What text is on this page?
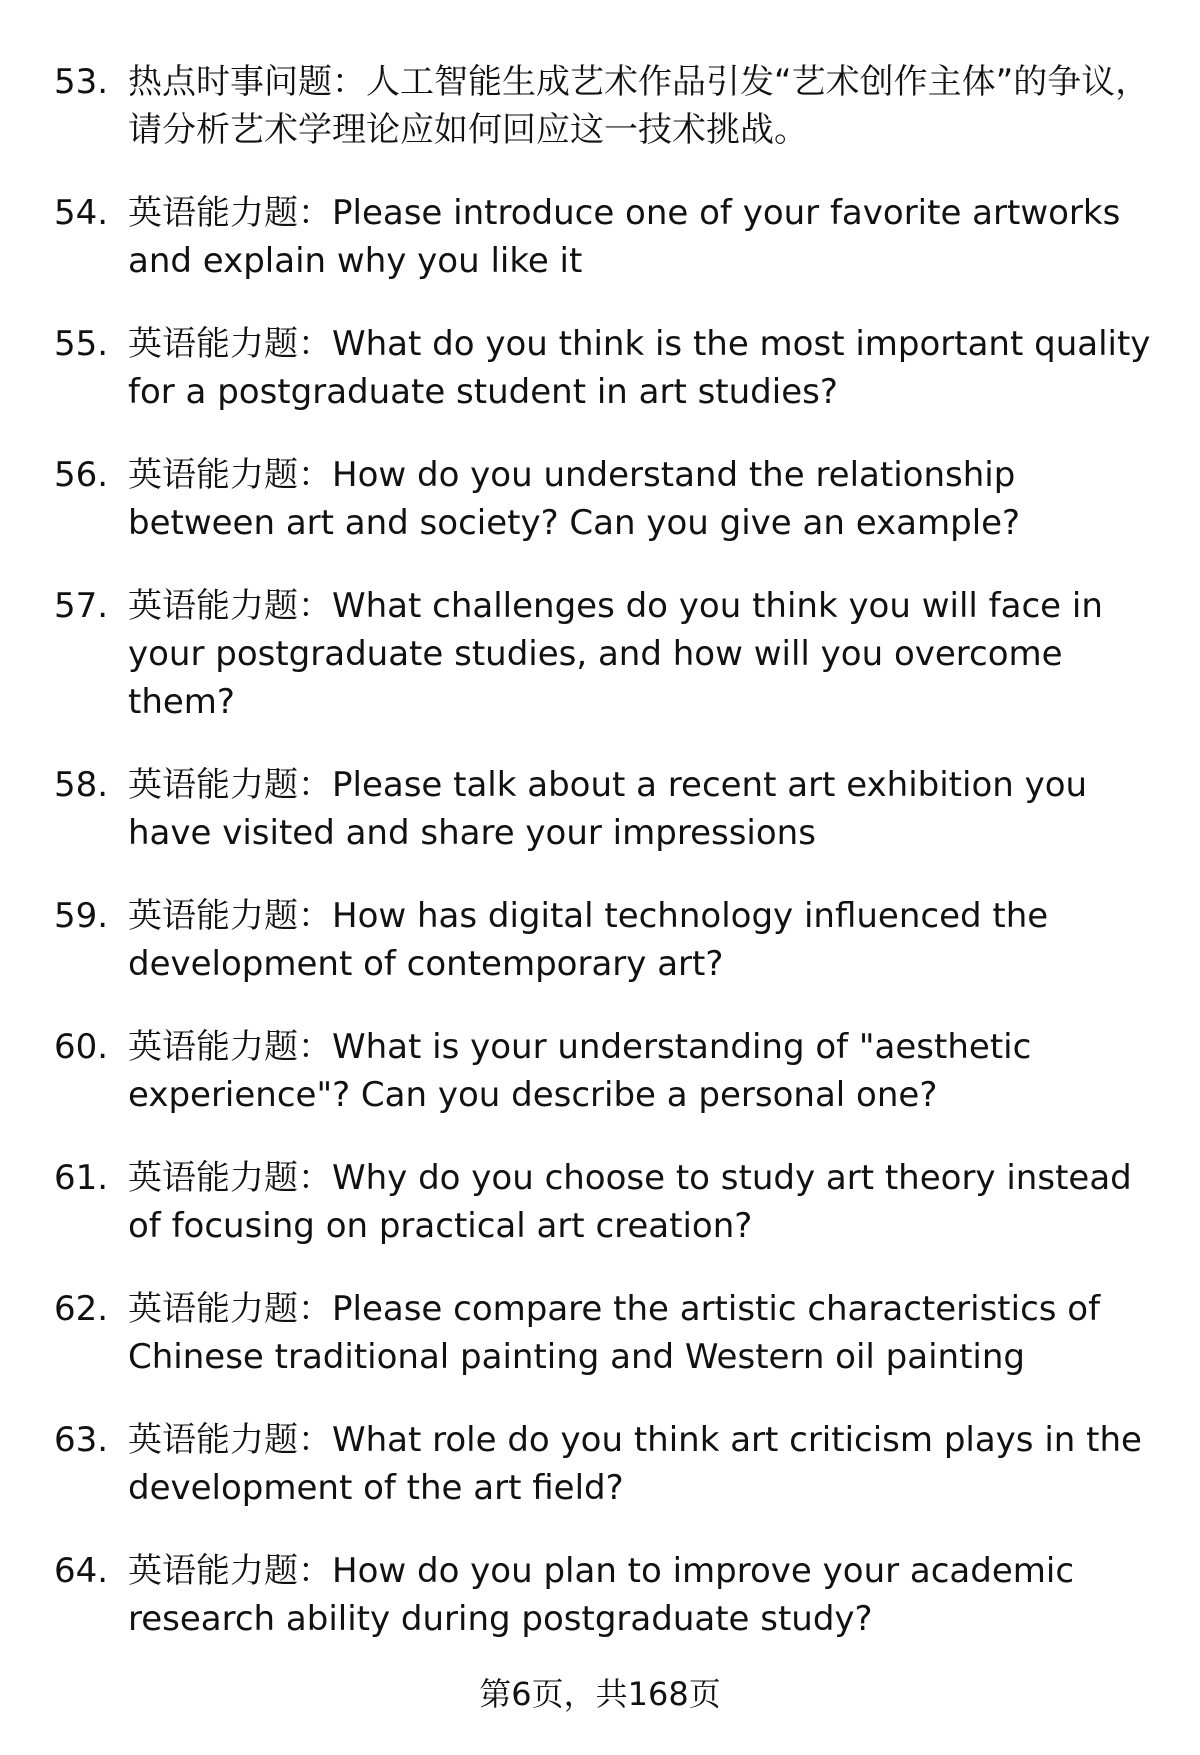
53. 热点时事问题：人工智能生成艺术作品引发“艺术创作主体”的争议，请分析艺术学理论应如何回应这一技术挑战。
54. 英语能力题：Please introduce one of your favorite artworks and explain why you like it
55. 英语能力题：What do you think is the most important quality for a postgraduate student in art studies?
56. 英语能力题：How do you understand the relationship between art and society? Can you give an example?
57. 英语能力题：What challenges do you think you will face in your postgraduate studies, and how will you overcome them?
58. 英语能力题：Please talk about a recent art exhibition you have visited and share your impressions
59. 英语能力题：How has digital technology influenced the development of contemporary art?
60. 英语能力题：What is your understanding of "aesthetic experience"? Can you describe a personal one?
61. 英语能力题：Why do you choose to study art theory instead of focusing on practical art creation?
62. 英语能力题：Please compare the artistic characteristics of Chinese traditional painting and Western oil painting
63. 英语能力题：What role do you think art criticism plays in the development of the art field?
64. 英语能力题：How do you plan to improve your academic research ability during postgraduate study?
第6页，共168页
